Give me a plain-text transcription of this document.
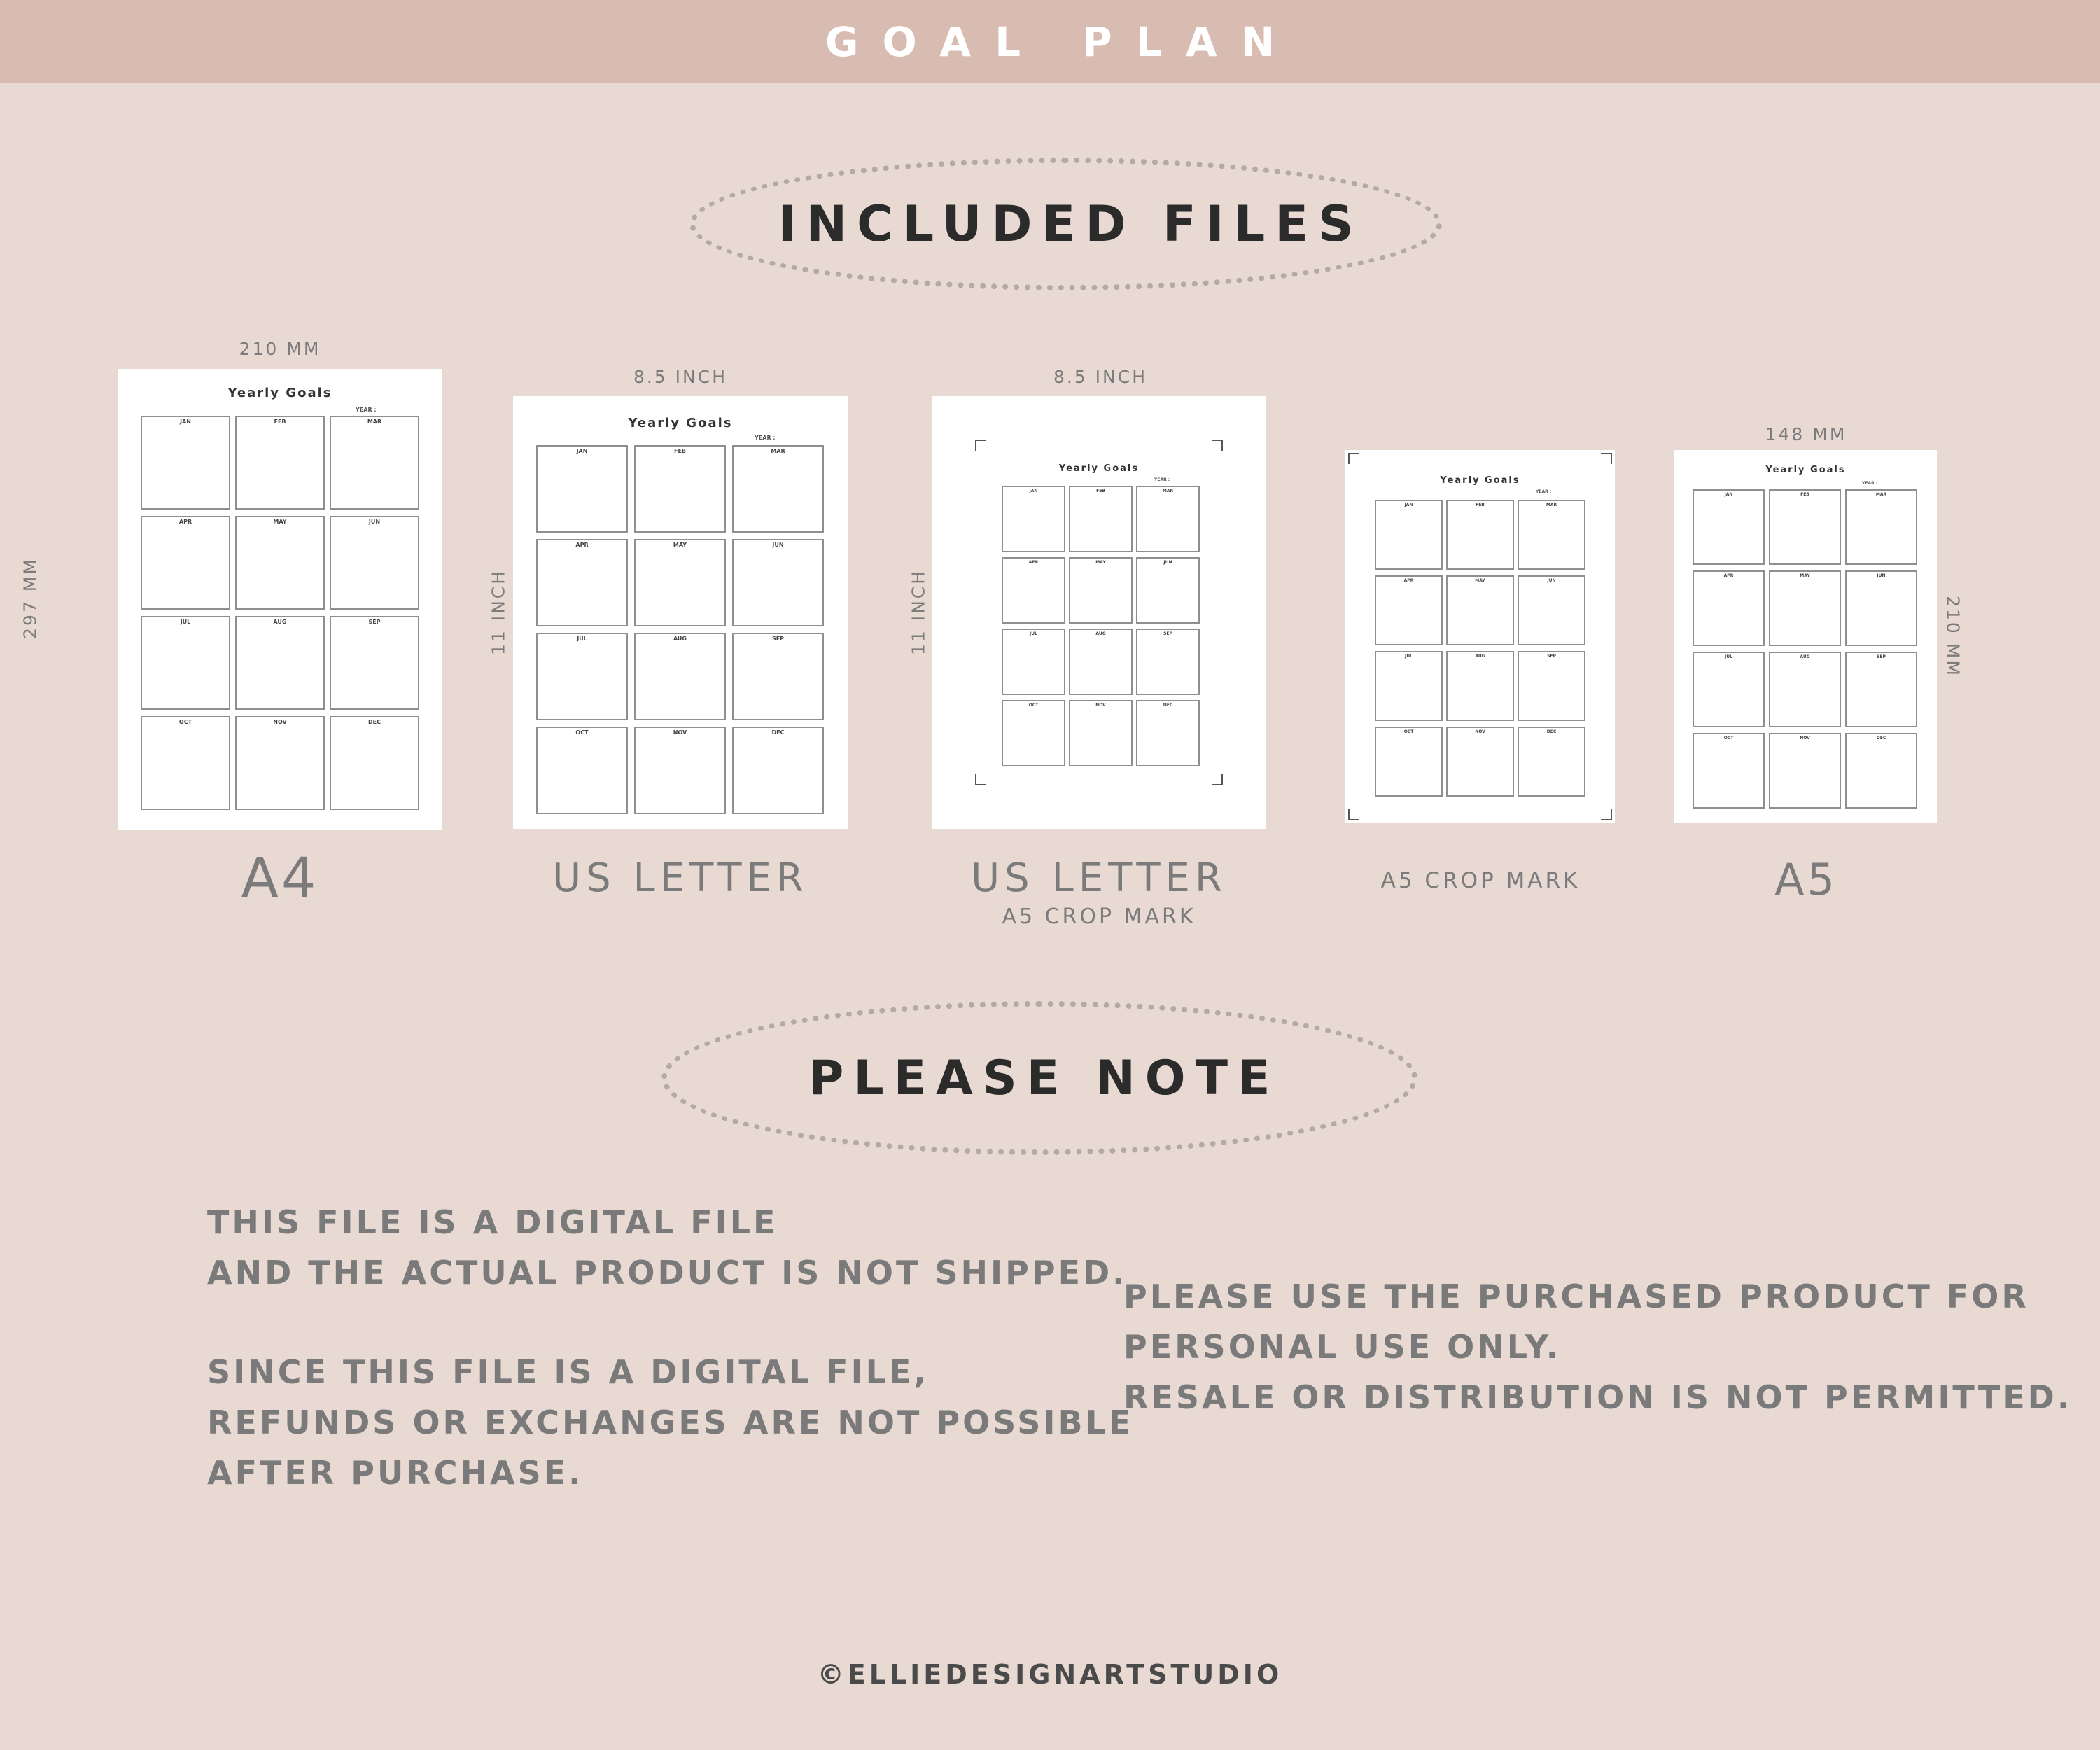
GOAL PLAN
INCLUDED FILES
210 MM
297 MM
8.5 INCH
11 INCH
8.5 INCH
11 INCH
148 MM
210 MM
Yearly Goals
YEAR :
JAN	FEB	MAR
APR	MAY	JUN
JUL	AUG	SEP
OCT	NOV	DEC
Yearly Goals
YEAR :
JAN	FEB	MAR
APR	MAY	JUN
JUL	AUG	SEP
OCT	NOV	DEC
Yearly Goals
YEAR :
JAN	FEB	MAR
APR	MAY	JUN
JUL	AUG	SEP
OCT	NOV	DEC
Yearly Goals
YEAR :
JAN	FEB	MAR
APR	MAY	JUN
JUL	AUG	SEP
OCT	NOV	DEC
Yearly Goals
YEAR :
JAN	FEB	MAR
APR	MAY	JUN
JUL	AUG	SEP
OCT	NOV	DEC
A4	US LETTER	US LETTER
A5 CROP MARK
A5 CROP MARK	A5
PLEASE NOTE
THIS FILE IS A DIGITAL FILE
AND THE ACTUAL PRODUCT IS NOT SHIPPED.
SINCE THIS FILE IS A DIGITAL FILE,
REFUNDS OR EXCHANGES ARE NOT POSSIBLE
AFTER PURCHASE.
PLEASE USE THE PURCHASED PRODUCT FOR
PERSONAL USE ONLY.
RESALE OR DISTRIBUTION IS NOT PERMITTED.
©ELLIEDESIGNARTSTUDIO
